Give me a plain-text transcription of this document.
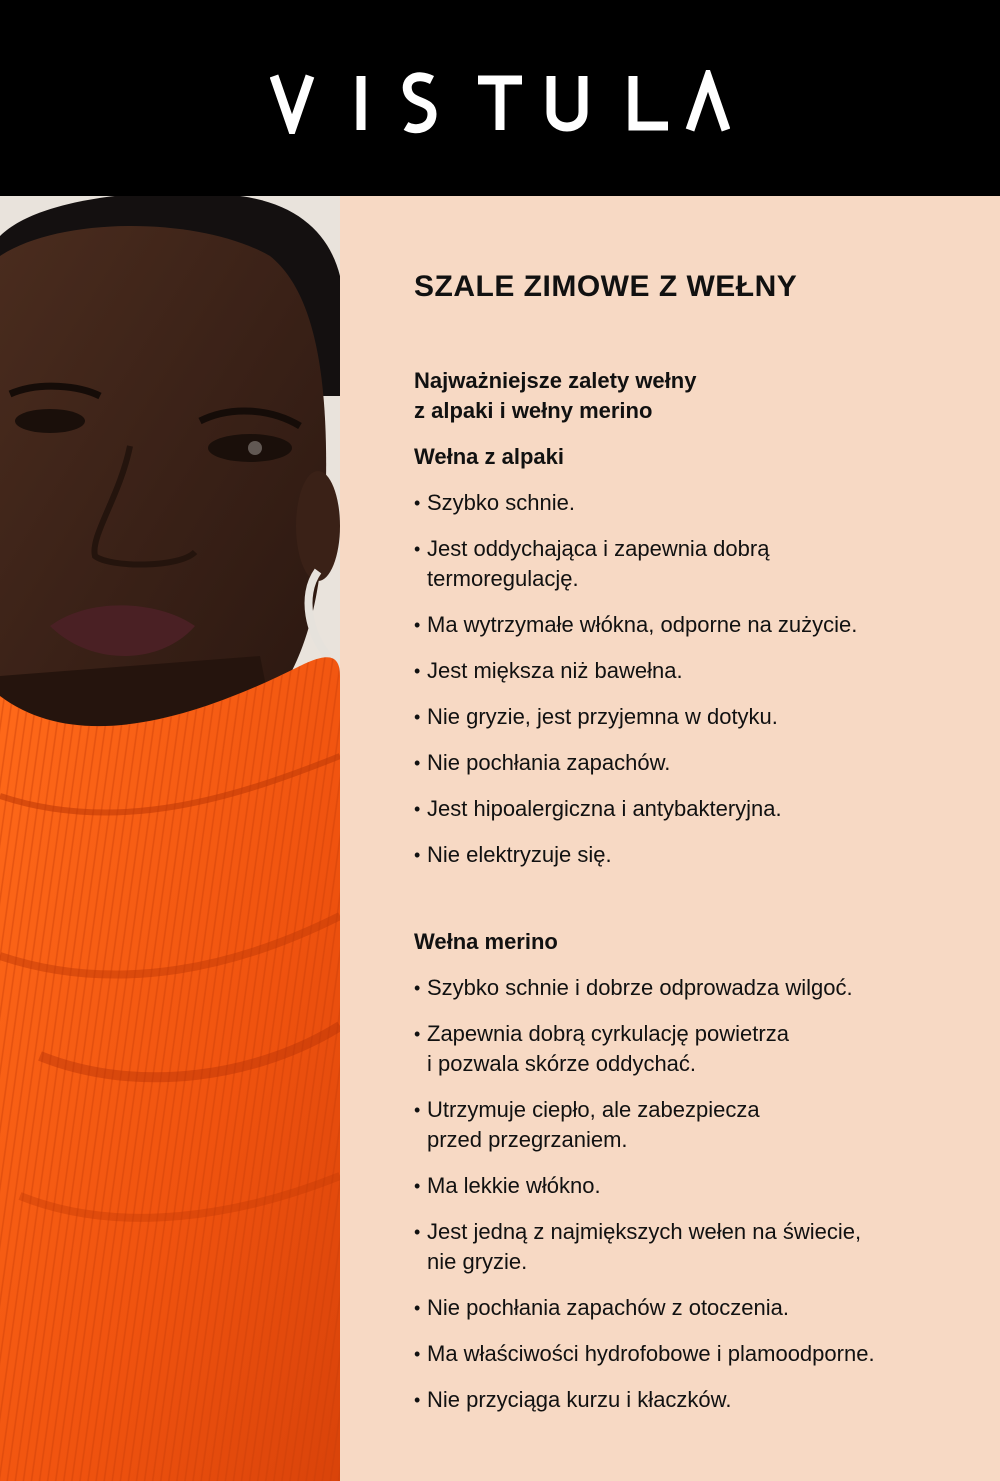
SZALE ZIMOWE Z WEŁNY
Najważniejsze zalety wełny
z alpaki i wełny merino
Wełna z alpaki
• Szybko schnie.
• Jest oddychająca i zapewnia dobrą
termoregulację.
• Ma wytrzymałe włókna, odporne na zużycie.
• Jest miększa niż bawełna.
• Nie gryzie, jest przyjemna w dotyku.
• Nie pochłania zapachów.
• Jest hipoalergiczna i antybakteryjna.
• Nie elektryzuje się.
Wełna merino
• Szybko schnie i dobrze odprowadza wilgoć.
• Zapewnia dobrą cyrkulację powietrza
i pozwala skórze oddychać.
• Utrzymuje ciepło, ale zabezpiecza
przed przegrzaniem.
• Ma lekkie włókno.
• Jest jedną z najmiększych wełen na świecie,
nie gryzie.
• Nie pochłania zapachów z otoczenia.
• Ma właściwości hydrofobowe i plamoodporne.
• Nie przyciąga kurzu i kłaczków.
